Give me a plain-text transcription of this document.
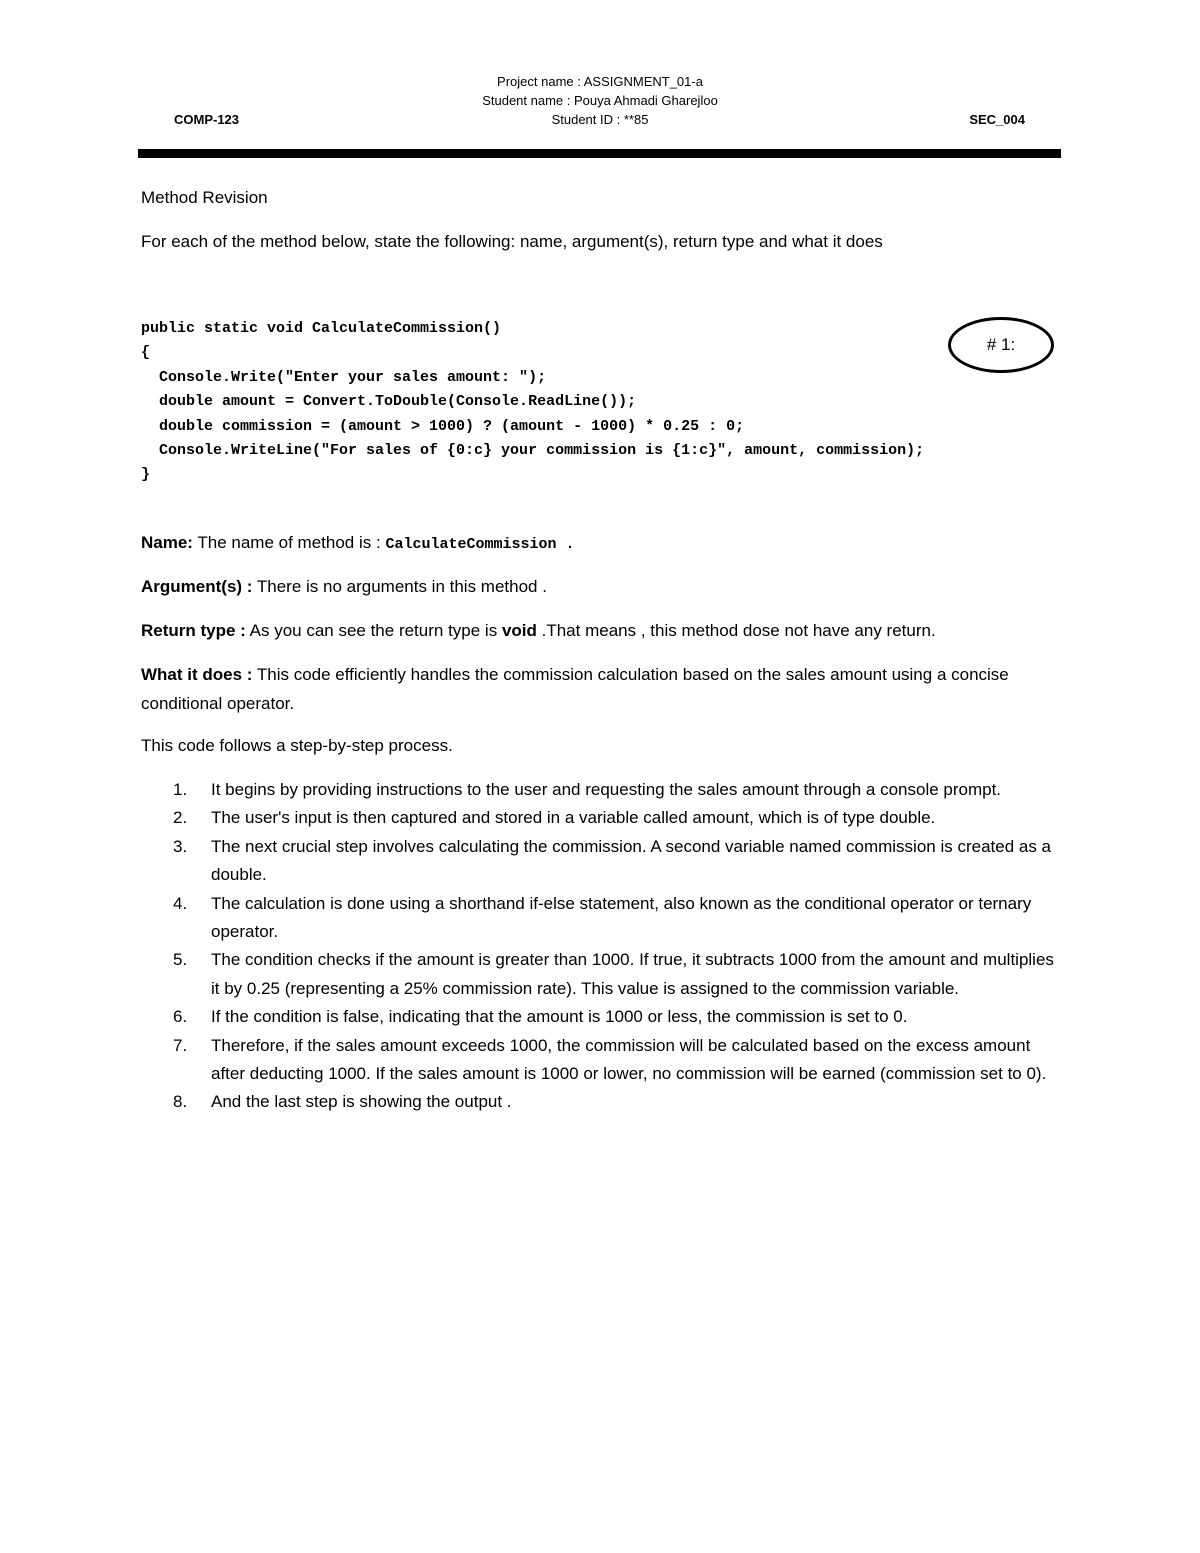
Project name : ASSIGNMENT_01-a
Student name : Pouya Ahmadi Gharejloo
Student ID : **85
COMP-123	SEC_004
Method Revision
For each of the method below, state the following: name, argument(s), return type and what it does
public static void CalculateCommission()
{
Console.Write("Enter your sales amount: ");
double amount = Convert.ToDouble(Console.ReadLine());
double commission = (amount > 1000) ? (amount - 1000) * 0.25 : 0;
Console.WriteLine("For sales of {0:c} your commission is {1:c}", amount, commission);
}
# 1:
Name: The name of method is : CalculateCommission .
Argument(s) : There is no arguments in this method .
Return type : As you can see the return type is void .That means , this method dose not have any return.
What it does : This code efficiently handles the commission calculation based on the sales amount using a concise conditional operator.
This code follows a step-by-step process.
1.	It begins by providing instructions to the user and requesting the sales amount through a console prompt.
2.	The user's input is then captured and stored in a variable called amount, which is of type double.
3.	The next crucial step involves calculating the commission. A second variable named commission is created as a double.
4.	The calculation is done using a shorthand if-else statement, also known as the conditional operator or ternary operator.
5.	The condition checks if the amount is greater than 1000. If true, it subtracts 1000 from the amount and multiplies it by 0.25 (representing a 25% commission rate). This value is assigned to the commission variable.
6.	If the condition is false, indicating that the amount is 1000 or less, the commission is set to 0.
7.	Therefore, if the sales amount exceeds 1000, the commission will be calculated based on the excess amount after deducting 1000. If the sales amount is 1000 or lower, no commission will be earned (commission set to 0).
8.	And the last step is showing the output .
